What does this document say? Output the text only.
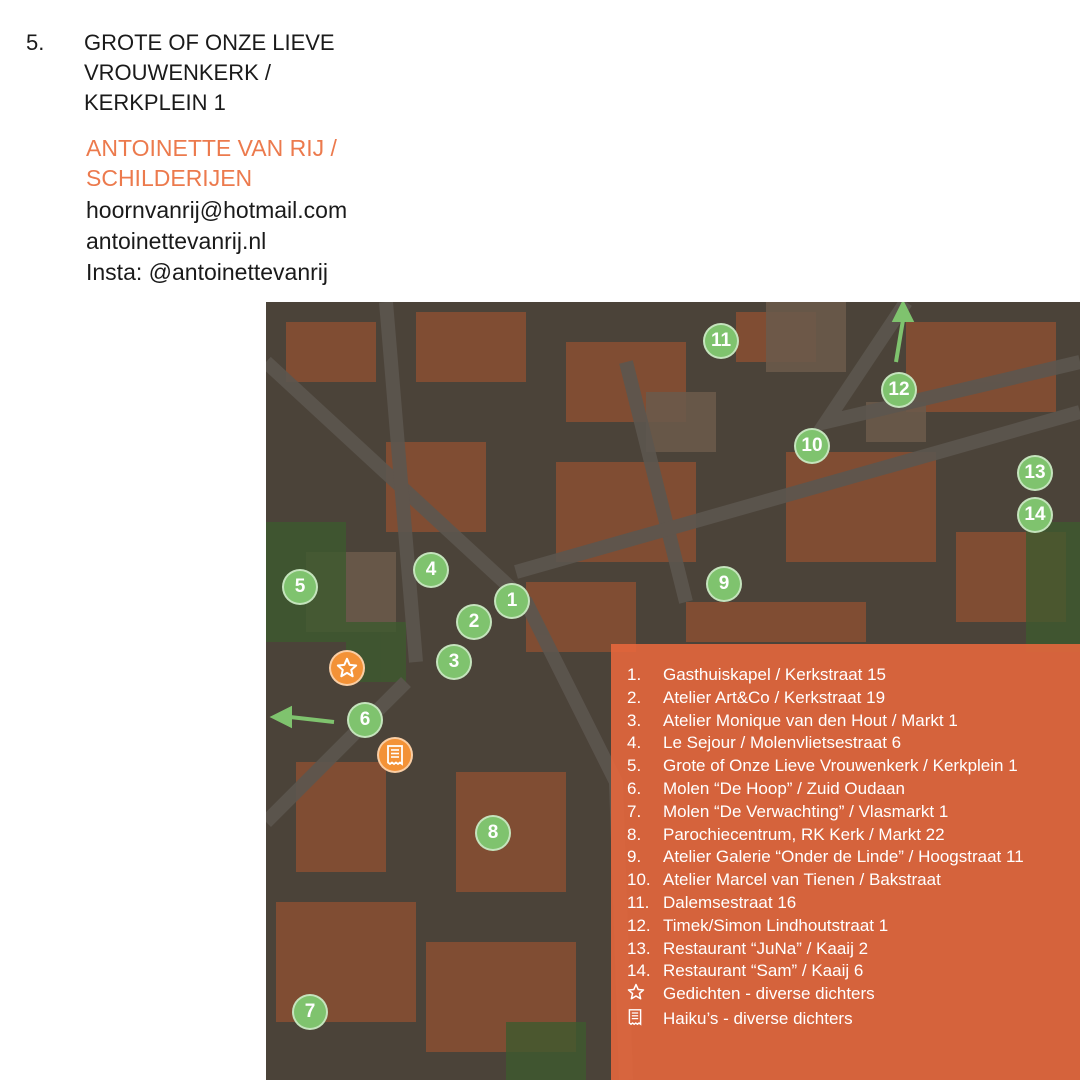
5. GROTE OF ONZE LIEVE
VROUWENKERK /
KERKPLEIN 1
ANTOINETTE VAN RIJ /
SCHILDERIJEN
hoornvanrij@hotmail.com
antoinettevanrij.nl
Insta: @antoinettevanrij
1
2
3
4
5
6
7
8
9
10
11
12
13
14
1.	Gasthuiskapel / Kerkstraat 15
2.	Atelier Art&Co / Kerkstraat 19
3.	Atelier Monique van den Hout / Markt 1
4.	Le Sejour / Molenvlietsestraat 6
5.	Grote of Onze Lieve Vrouwenkerk / Kerkplein 1
6.	Molen “De Hoop” / Zuid Oudaan
7.	Molen “De Verwachting” / Vlasmarkt 1
8.	Parochiecentrum, RK Kerk / Markt 22
9.	Atelier Galerie “Onder de Linde” / Hoogstraat 11
10. Atelier Marcel van Tienen / Bakstraat
11. Dalemsestraat 16
12. Timek/Simon Lindhoutstraat 1
13. Restaurant “JuNa” / Kaaij 2
14. Restaurant “Sam” / Kaaij 6
Gedichten - diverse dichters
Haiku’s - diverse dichters
